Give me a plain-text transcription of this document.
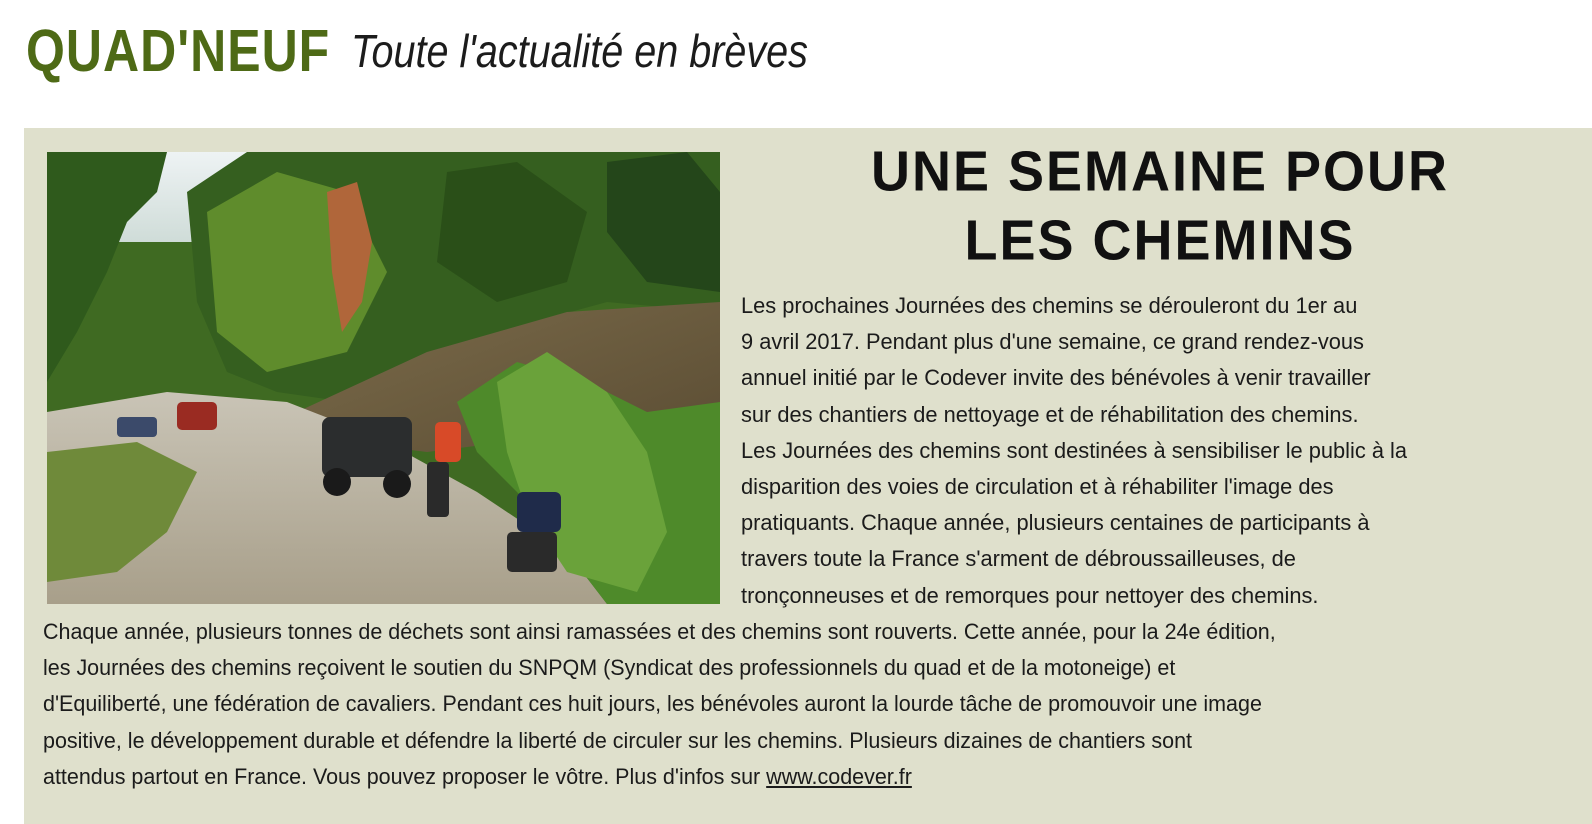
QUAD'NEUF Toute l'actualité en brèves
UNE SEMAINE POUR
LES CHEMINS
Les prochaines Journées des chemins se dérouleront du 1er au
9 avril 2017. Pendant plus d'une semaine, ce grand rendez-vous
annuel initié par le Codever invite des bénévoles à venir travailler
sur des chantiers de nettoyage et de réhabilitation des chemins.
Les Journées des chemins sont destinées à sensibiliser le public à la
disparition des voies de circulation et à réhabiliter l'image des
pratiquants. Chaque année, plusieurs centaines de participants à
travers toute la France s'arment de débroussailleuses, de
tronçonneuses et de remorques pour nettoyer des chemins.
Chaque année, plusieurs tonnes de déchets sont ainsi ramassées et des chemins sont rouverts. Cette année, pour la 24e édition,
les Journées des chemins reçoivent le soutien du SNPQM (Syndicat des professionnels du quad et de la motoneige) et
d'Equiliberté, une fédération de cavaliers. Pendant ces huit jours, les bénévoles auront la lourde tâche de promouvoir une image
positive, le développement durable et défendre la liberté de circuler sur les chemins. Plusieurs dizaines de chantiers sont
attendus partout en France. Vous pouvez proposer le vôtre. Plus d'infos sur www.codever.fr
